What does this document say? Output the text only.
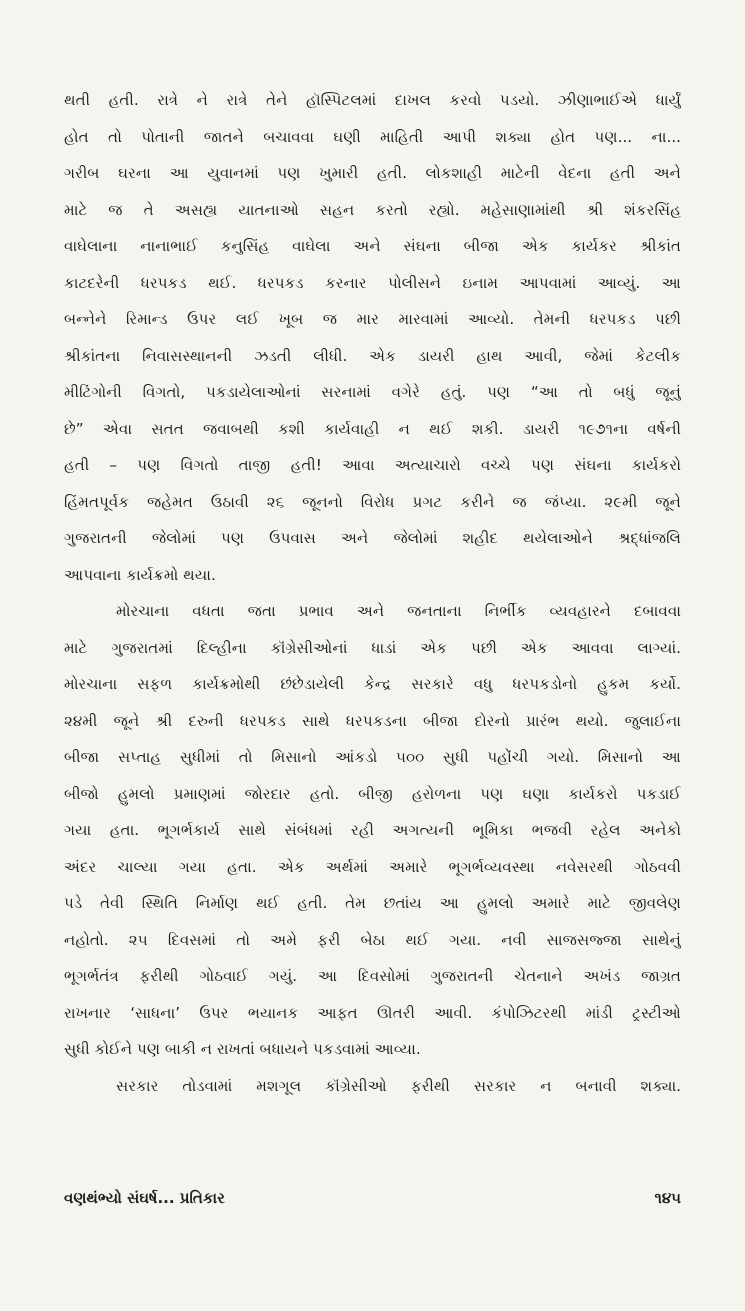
થતી હતી. રાત્રે ને રાત્રે તેને હૉસ્પિટલમાં દાખલ કરવો પડયો. ઝીણાભાઈએ ધાર્યું
હોત તો પોતાની જાતને બચાવવા ઘણી માહિતી આપી શક્યા હોત પણ... ના...
ગરીબ ઘરના આ યુવાનમાં પણ ખુમારી હતી. લોકશાહી માટેની વેદના હતી અને
માટે જ તે અસહ્ય યાતનાઓ સહન કરતો રહ્યો. મહેસાણામાંથી શ્રી શંકરસિંહ
વાઘેલાના નાનાભાઈ કનુસિંહ વાઘેલા અને સંઘના બીજા એક કાર્યકર શ્રીકાંત
કાટદરેની ધરપકડ થઈ. ધરપકડ કરનાર પોલીસને ઇનામ આપવામાં આવ્યું. આ
બન્નેને રિમાન્ડ ઉપર લઈ ખૂબ જ માર મારવામાં આવ્યો. તેમની ધરપકડ પછી
શ્રીકાંતના નિવાસસ્થાનની ઝડતી લીધી. એક ડાયરી હાથ આવી, જેમાં કેટલીક
મીટિંગોની વિગતો, પકડાયેલાઓનાં સરનામાં વગેરે હતું. પણ “આ તો બધું જૂનું
છે” એવા સતત જવાબથી કશી કાર્યવાહી ન થઈ શકી. ડાયરી ૧૯૭૧ના વર્ષની
હતી – પણ વિગતો તાજી હતી! આવા અત્યાચારો વચ્ચે પણ સંઘના કાર્યકરો
હિંમતપૂર્વક જહેમત ઉઠાવી ૨૬ જૂનનો વિરોધ પ્રગટ કરીને જ જંપ્યા. ૨૯મી જૂને
ગુજરાતની જેલોમાં પણ ઉપવાસ અને જેલોમાં શહીદ થયેલાઓને શ્રદ્ધાંજલિ
આપવાના કાર્યક્રમો થયા.
મોરચાના વધતા જતા પ્રભાવ અને જનતાના નિર્ભીક વ્યવહારને દબાવવા
માટે ગુજરાતમાં દિલ્હીના કૉંગ્રેસીઓનાં ધાડાં એક પછી એક આવવા લાગ્યાં.
મોરચાના સફળ કાર્યક્રમોથી છંછેડાયેલી કેન્દ્ર સરકારે વધુ ધરપકડોનો હુકમ કર્યો.
૨૪મી જૂને શ્રી દરુની ધરપકડ સાથે ધરપકડના બીજા દોરનો પ્રારંભ થયો. જુલાઈના
બીજા સપ્તાહ સુધીમાં તો મિસાનો આંકડો ૫૦૦ સુધી પહોંચી ગયો. મિસાનો આ
બીજો હુમલો પ્રમાણમાં જોરદાર હતો. બીજી હરોળના પણ ઘણા કાર્યકરો પકડાઈ
ગયા હતા. ભૂગર્ભકાર્ય સાથે સંબંધમાં રહી અગત્યની ભૂમિકા ભજવી રહેલ અનેકો
અંદર ચાલ્યા ગયા હતા. એક અર્થમાં અમારે ભૂગર્ભવ્યવસ્થા નવેસરથી ગોઠવવી
પડે તેવી સ્થિતિ નિર્માણ થઈ હતી. તેમ છતાંય આ હુમલો અમારે માટે જીવલેણ
નહોતો. ૨૫ દિવસમાં તો અમે ફરી બેઠા થઈ ગયા. નવી સાજસજ્જા સાથેનું
ભૂગર્ભતંત્ર ફરીથી ગોઠવાઈ ગયું. આ દિવસોમાં ગુજરાતની ચેતનાને અખંડ જાગ્રત
રાખનાર ‘સાધના’ ઉપર ભયાનક આફત ઊતરી આવી. કંપોઝિટરથી માંડી ટ્રસ્ટીઓ
સુધી કોઈને પણ બાકી ન રાખતાં બધાયને પકડવામાં આવ્યા.
સરકાર તોડવામાં મશગૂલ કૉંગ્રેસીઓ ફરીથી સરકાર ન બનાવી શક્યા.
વણથંભ્યો સંઘર્ષ... પ્રતિકાર	૧૪૫
